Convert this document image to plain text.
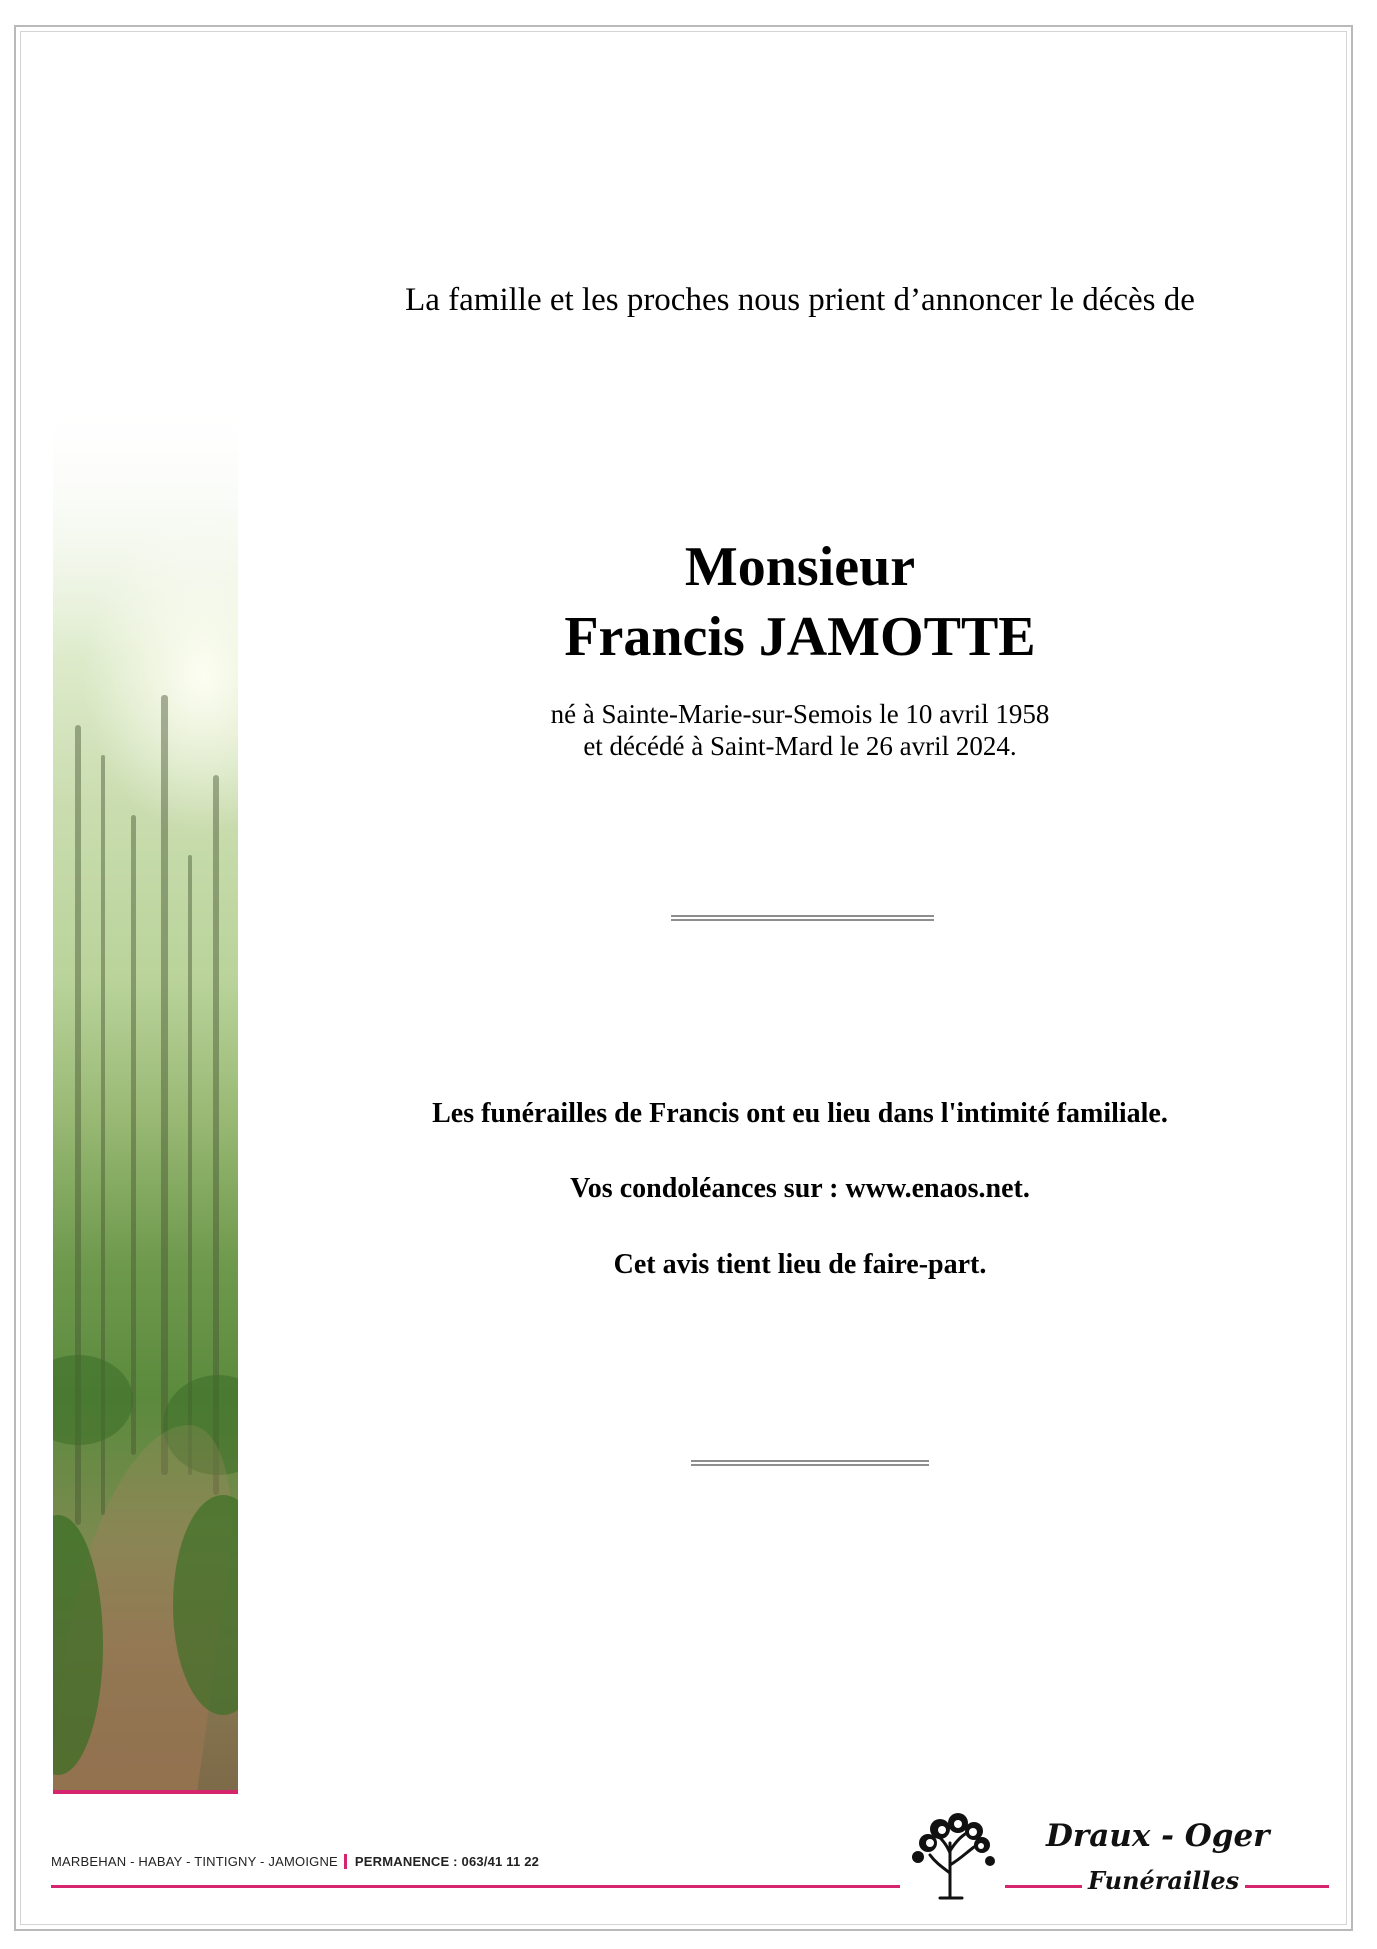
La famille et les proches nous prient d’annoncer le décès de
Monsieur
Francis JAMOTTE
né à Sainte-Marie-sur-Semois le 10 avril 1958
et décédé à Saint-Mard le 26 avril 2024.
Les funérailles de Francis ont eu lieu dans l'intimité familiale.
Vos condoléances sur : www.enaos.net.
Cet avis tient lieu de faire-part.
MARBEHAN - HABAY - TINTIGNY - JAMOIGNE PERMANENCE : 063/41 11 22
Draux - Oger
Funérailles
